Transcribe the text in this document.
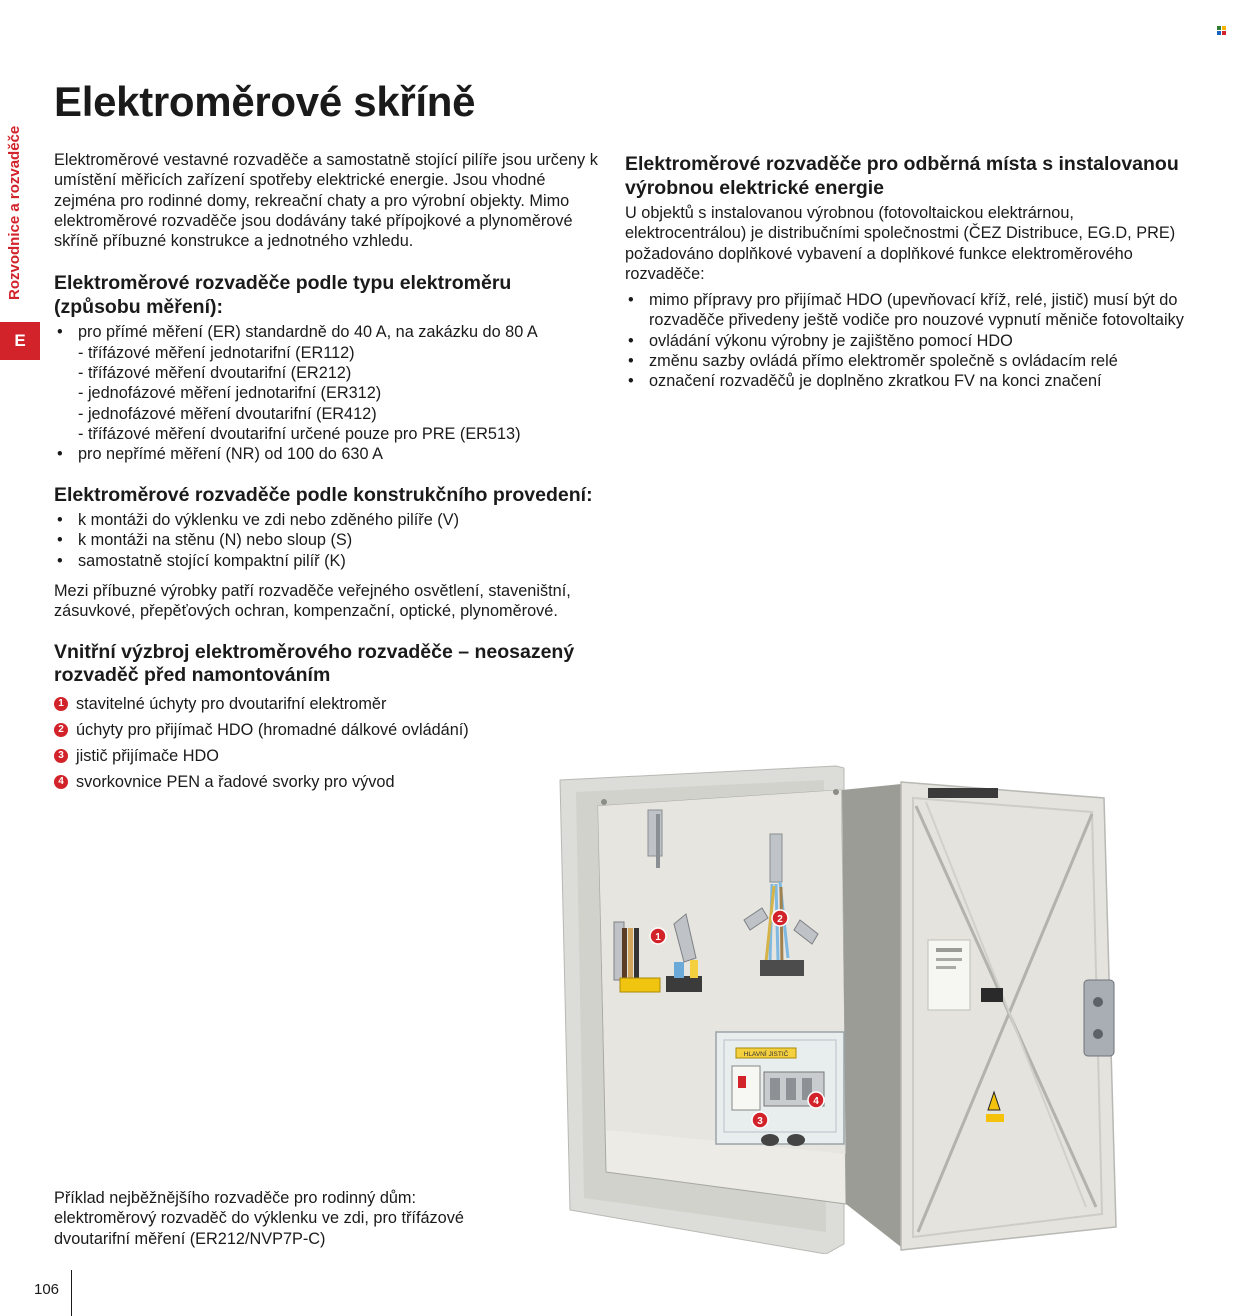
Rozvodnice a rozvaděče
E
Elektroměrové skříně

Elektroměrové vestavné rozvaděče a samostatně stojící pilíře jsou určeny k umístění měřicích zařízení spotřeby elektrické energie. Jsou vhodné zejména pro rodinné domy, rekreační chaty a pro výrobní objekty. Mimo elektroměrové rozvaděče jsou dodávány také přípojkové a plynoměrové skříně příbuzné konstrukce a jednotného vzhledu.

Elektroměrové rozvaděče podle typu elektroměru (způsobu měření):
• pro přímé měření (ER) standardně do 40 A, na zakázku do 80 A
- třífázové měření jednotarifní (ER112)
- třífázové měření dvoutarifní (ER212)
- jednofázové měření jednotarifní (ER312)
- jednofázové měření dvoutarifní (ER412)
- třífázové měření dvoutarifní určené pouze pro PRE (ER513)
• pro nepřímé měření (NR) od 100 do 630 A
Elektroměrové rozvaděče podle konstrukčního provedení:
• k montáži do výklenku ve zdi nebo zděného pilíře (V)
• k montáži na stěnu (N) nebo sloup (S)
• samostatně stojící kompaktní pilíř (K)

Mezi příbuzné výrobky patří rozvaděče veřejného osvětlení, staveništní, zásuvkové, přepěťových ochran, kompenzační, optické, plynoměrové.

Vnitřní výzbroj elektroměrového rozvaděče – neosazený rozvaděč před namontováním
1 stavitelné úchyty pro dvoutarifní elektroměr
2 úchyty pro přijímač HDO (hromadné dálkové ovládání)
3 jistič přijímače HDO
4 svorkovnice PEN a řadové svorky pro vývod
Elektroměrové rozvaděče pro odběrná místa s instalovanou výrobnou elektrické energie

U objektů s instalovanou výrobnou (fotovoltaickou elektrárnou, elektrocentrálou) je distribučními společnostmi (ČEZ Distribuce, EG.D, PRE) požadováno doplňkové vybavení a doplňkové funkce elektroměrového rozvaděče:

• mimo přípravy pro přijímač HDO (upevňovací kříž, relé, jistič) musí být do rozvaděče přivedeny ještě vodiče pro nouzové vypnutí měniče fotovoltaiky
• ovládání výkonu výrobny je zajištěno pomocí HDO
• změnu sazby ovládá přímo elektroměr společně s ovládacím relé
• označení rozvaděčů je doplněno zkratkou FV na konci značení
HLAVNÍ JISTIČ
1
2
3
4

Příklad nejběžnějšího rozvaděče pro rodinný dům: elektroměrový rozvaděč do výklenku ve zdi, pro třífázové dvoutarifní měření (ER212/NVP7P-C)

106
